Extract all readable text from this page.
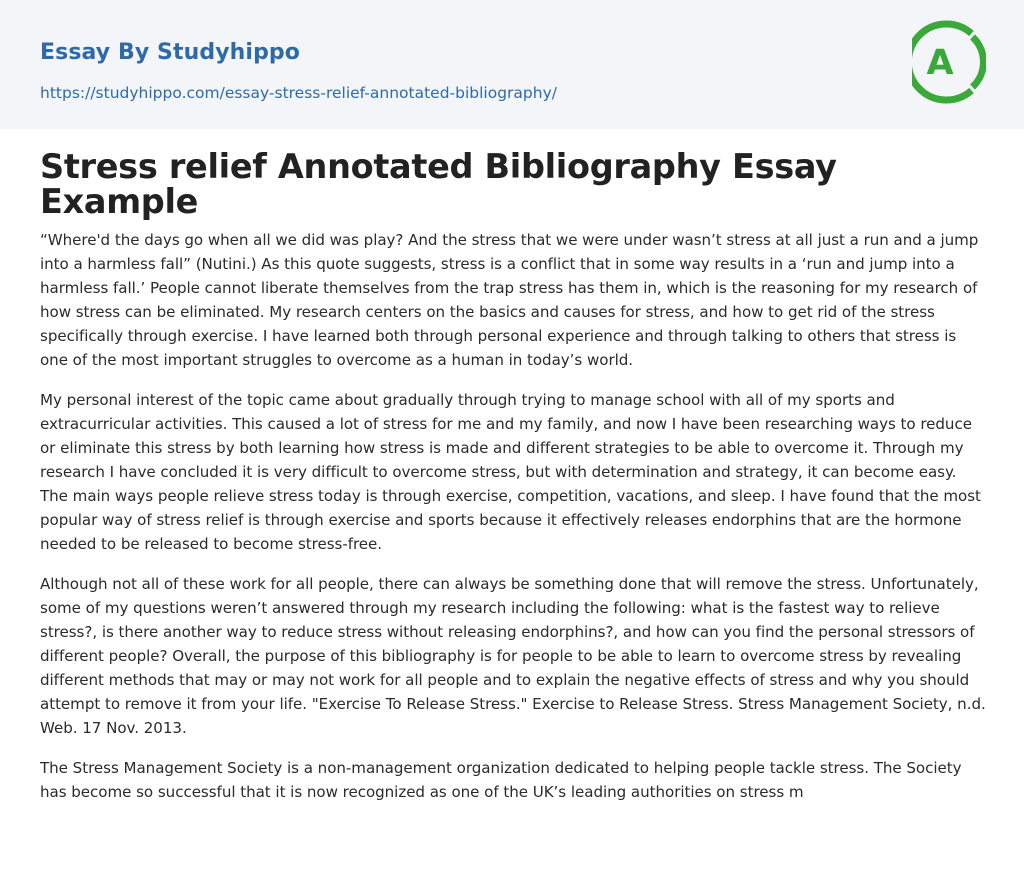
Essay By Studyhippo
https://studyhippo.com/essay-stress-relief-annotated-bibliography/
A
Stress relief Annotated Bibliography Essay Example

“Where'd the days go when all we did was play? And the stress that we were under wasn’t stress at all just a run and a jump into a harmless fall” (Nutini.) As this quote suggests, stress is a conflict that in some way results in a ‘run and jump into a harmless fall.’ People cannot liberate themselves from the trap stress has them in, which is the reasoning for my research of how stress can be eliminated. My research centers on the basics and causes for stress, and how to get rid of the stress specifically through exercise. I have learned both through personal experience and through talking to others that stress is one of the most important struggles to overcome as a human in today’s world.

My personal interest of the topic came about gradually through trying to manage school with all of my sports and extracurricular activities. This caused a lot of stress for me and my family, and now I have been researching ways to reduce or eliminate this stress by both learning how stress is made and different strategies to be able to overcome it. Through my research I have concluded it is very difficult to overcome stress, but with determination and strategy, it can become easy. The main ways people relieve stress today is through exercise, competition, vacations, and sleep. I have found that the most popular way of stress relief is through exercise and sports because it effectively releases endorphins that are the hormone needed to be released to become stress-free.

Although not all of these work for all people, there can always be something done that will remove the stress. Unfortunately, some of my questions weren’t answered through my research including the following: what is the fastest way to relieve stress?, is there another way to reduce stress without releasing endorphins?, and how can you find the personal stressors of different people? Overall, the purpose of this bibliography is for people to be able to learn to overcome stress by revealing different methods that may or may not work for all people and to explain the negative effects of stress and why you should attempt to remove it from your life. "Exercise To Release Stress." Exercise to Release Stress. Stress Management Society, n.d. Web. 17 Nov. 2013.

The Stress Management Society is a non-management organization dedicated to helping people tackle stress. The Society has become so successful that it is now recognized as one of the UK’s leading authorities on stress m
